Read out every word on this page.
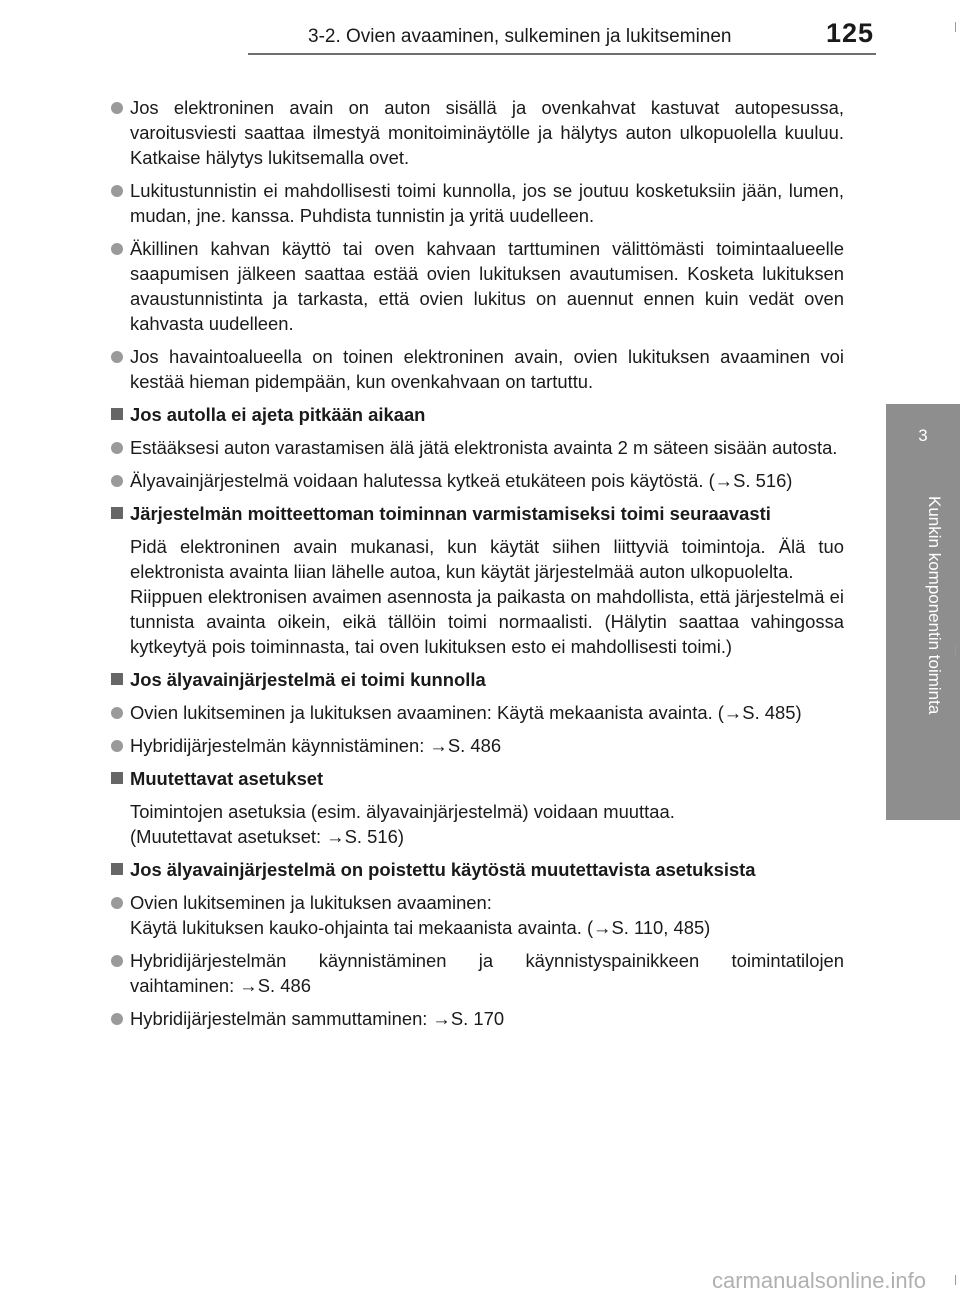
3-2. Ovien avaaminen, sulkeminen ja lukitseminen	125
3
Kunkin komponentin toiminta
Jos elektroninen avain on auton sisällä ja ovenkahvat kastuvat autopesussa, varoitusviesti saattaa ilmestyä monitoiminäytölle ja hälytys auton ulkopuolella kuuluu. Katkaise hälytys lukitsemalla ovet.
Lukitustunnistin ei mahdollisesti toimi kunnolla, jos se joutuu kosketuksiin jään, lumen, mudan, jne. kanssa. Puhdista tunnistin ja yritä uudelleen.
Äkillinen kahvan käyttö tai oven kahvaan tarttuminen välittömästi toimintaalueelle saapumisen jälkeen saattaa estää ovien lukituksen avautumisen. Kosketa lukituksen avaustunnistinta ja tarkasta, että ovien lukitus on auennut ennen kuin vedät oven kahvasta uudelleen.
Jos havaintoalueella on toinen elektroninen avain, ovien lukituksen avaaminen voi kestää hieman pidempään, kun ovenkahvaan on tartuttu.
Jos autolla ei ajeta pitkään aikaan
Estääksesi auton varastamisen älä jätä elektronista avainta 2 m säteen sisään autosta.
Älyavainjärjestelmä voidaan halutessa kytkeä etukäteen pois käytöstä. (→S. 516)
Järjestelmän moitteettoman toiminnan varmistamiseksi toimi seuraavasti

Pidä elektroninen avain mukanasi, kun käytät siihen liittyviä toimintoja. Älä tuo elektronista avainta liian lähelle autoa, kun käytät järjestelmää auton ulkopuolelta.

Riippuen elektronisen avaimen asennosta ja paikasta on mahdollista, että järjestelmä ei tunnista avainta oikein, eikä tällöin toimi normaalisti. (Hälytin saattaa vahingossa kytkeytyä pois toiminnasta, tai oven lukituksen esto ei mahdollisesti toimi.)

Jos älyavainjärjestelmä ei toimi kunnolla
Ovien lukitseminen ja lukituksen avaaminen: Käytä mekaanista avainta. (→S. 485)
Hybridijärjestelmän käynnistäminen: →S. 486
Muutettavat asetukset

Toimintojen asetuksia (esim. älyavainjärjestelmä) voidaan muuttaa.

(Muutettavat asetukset: →S. 516)

Jos älyavainjärjestelmä on poistettu käytöstä muutettavista asetuksista
Ovien lukitseminen ja lukituksen avaaminen:
Käytä lukituksen kauko-ohjainta tai mekaanista avainta. (→S. 110, 485)
Hybridijärjestelmän käynnistäminen ja käynnistyspainikkeen toimintatilojen vaihtaminen: →S. 486
Hybridijärjestelmän sammuttaminen: →S. 170
carmanualsonline.info
